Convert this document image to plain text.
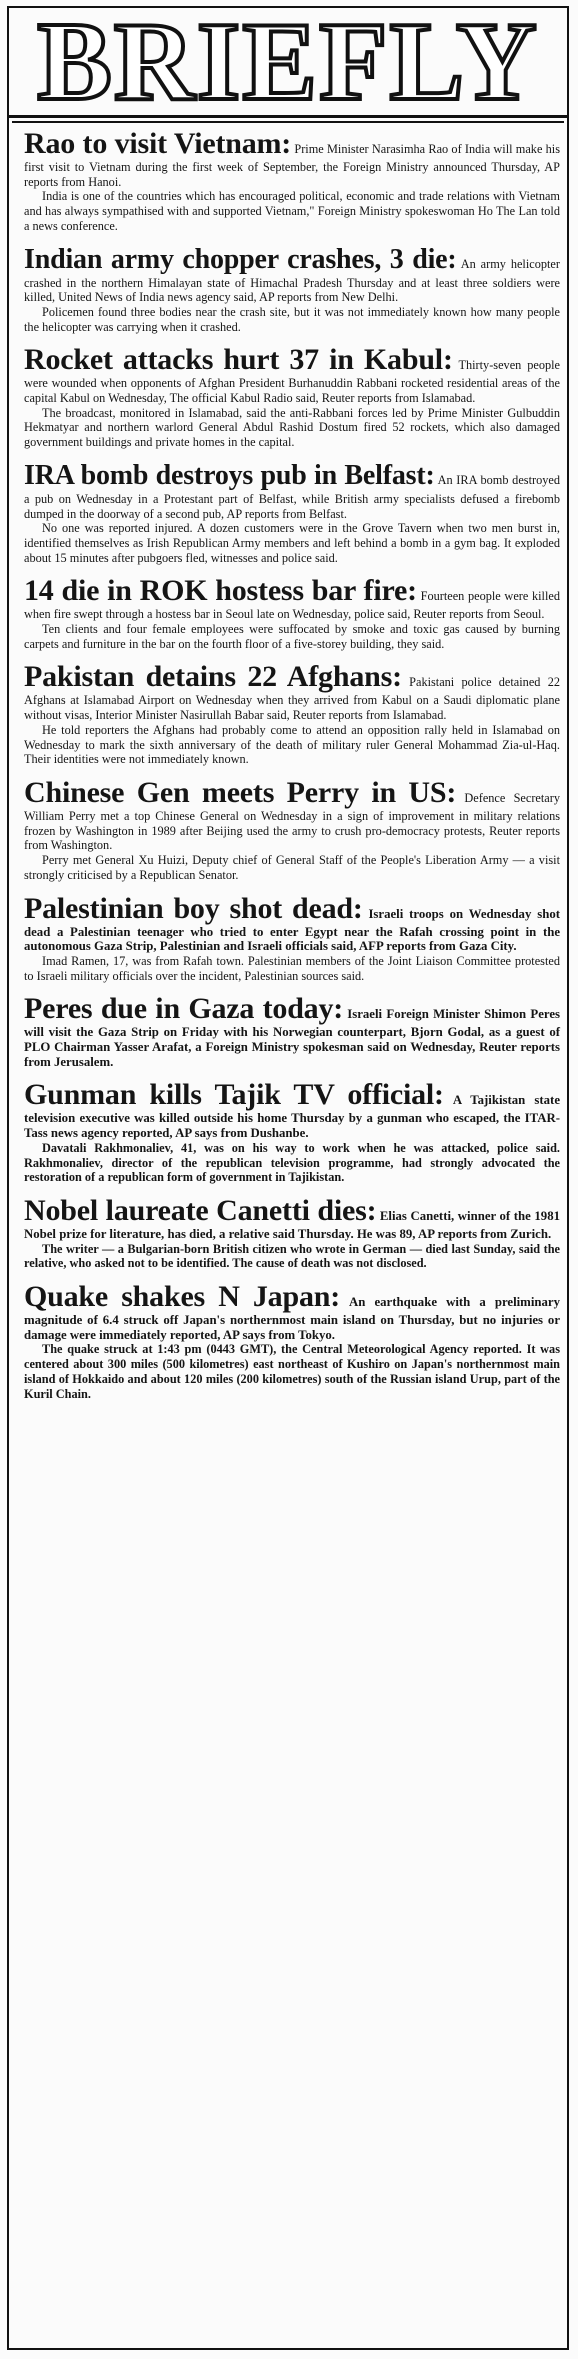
BRIEFLY

Rao to visit Vietnam: Prime Minister Narasimha Rao of India will make his first visit to Vietnam during the first week of September, the Foreign Ministry announced Thursday, AP reports from Hanoi.

India is one of the countries which has encouraged political, economic and trade relations with Vietnam and has always sympathised with and supported Vietnam," Foreign Ministry spokeswoman Ho The Lan told a news conference.

Indian army chopper crashes, 3 die: An army helicopter crashed in the northern Himalayan state of Himachal Pradesh Thursday and at least three soldiers were killed, United News of India news agency said, AP reports from New Delhi.

Policemen found three bodies near the crash site, but it was not immediately known how many people the helicopter was carrying when it crashed.

Rocket attacks hurt 37 in Kabul: Thirty-seven people were wounded when opponents of Afghan President Burhanuddin Rabbani rocketed residential areas of the capital Kabul on Wednesday, The official Kabul Radio said, Reuter reports from Islamabad.

The broadcast, monitored in Islamabad, said the anti-Rabbani forces led by Prime Minister Gulbuddin Hekmatyar and northern warlord General Abdul Rashid Dostum fired 52 rockets, which also damaged government buildings and private homes in the capital.

IRA bomb destroys pub in Belfast: An IRA bomb destroyed a pub on Wednesday in a Protestant part of Belfast, while British army specialists defused a firebomb dumped in the doorway of a second pub, AP reports from Belfast.

No one was reported injured. A dozen customers were in the Grove Tavern when two men burst in, identified themselves as Irish Republican Army members and left behind a bomb in a gym bag. It exploded about 15 minutes after pubgoers fled, witnesses and police said.

14 die in ROK hostess bar fire: Fourteen people were killed when fire swept through a hostess bar in Seoul late on Wednesday, police said, Reuter reports from Seoul.

Ten clients and four female employees were suffocated by smoke and toxic gas caused by burning carpets and furniture in the bar on the fourth floor of a five-storey building, they said.

Pakistan detains 22 Afghans: Pakistani police detained 22 Afghans at Islamabad Airport on Wednesday when they arrived from Kabul on a Saudi diplomatic plane without visas, Interior Minister Nasirullah Babar said, Reuter reports from Islamabad.

He told reporters the Afghans had probably come to attend an opposition rally held in Islamabad on Wednesday to mark the sixth anniversary of the death of military ruler General Mohammad Zia-ul-Haq. Their identities were not immediately known.

Chinese Gen meets Perry in US: Defence Secretary William Perry met a top Chinese General on Wednesday in a sign of improvement in military relations frozen by Washington in 1989 after Beijing used the army to crush pro-democracy protests, Reuter reports from Washington.

Perry met General Xu Huizi, Deputy chief of General Staff of the People's Liberation Army — a visit strongly criticised by a Republican Senator.

Palestinian boy shot dead: Israeli troops on Wednesday shot dead a Palestinian teenager who tried to enter Egypt near the Rafah crossing point in the autonomous Gaza Strip, Palestinian and Israeli officials said, AFP reports from Gaza City.

Imad Ramen, 17, was from Rafah town. Palestinian members of the Joint Liaison Committee protested to Israeli military officials over the incident, Palestinian sources said.

Peres due in Gaza today: Israeli Foreign Minister Shimon Peres will visit the Gaza Strip on Friday with his Norwegian counterpart, Bjorn Godal, as a guest of PLO Chairman Yasser Arafat, a Foreign Ministry spokesman said on Wednesday, Reuter reports from Jerusalem.

Gunman kills Tajik TV official: A Tajikistan state television executive was killed outside his home Thursday by a gunman who escaped, the ITAR-Tass news agency reported, AP says from Dushanbe.

Davatali Rakhmonaliev, 41, was on his way to work when he was attacked, police said. Rakhmonaliev, director of the republican television programme, had strongly advocated the restoration of a republican form of government in Tajikistan.

Nobel laureate Canetti dies: Elias Canetti, winner of the 1981 Nobel prize for literature, has died, a relative said Thursday. He was 89, AP reports from Zurich.

The writer — a Bulgarian-born British citizen who wrote in German — died last Sunday, said the relative, who asked not to be identified. The cause of death was not disclosed.

Quake shakes N Japan: An earthquake with a preliminary magnitude of 6.4 struck off Japan's northernmost main island on Thursday, but no injuries or damage were immediately reported, AP says from Tokyo.

The quake struck at 1:43 pm (0443 GMT), the Central Meteorological Agency reported. It was centered about 300 miles (500 kilometres) east northeast of Kushiro on Japan's northernmost main island of Hokkaido and about 120 miles (200 kilometres) south of the Russian island Urup, part of the Kuril Chain.
